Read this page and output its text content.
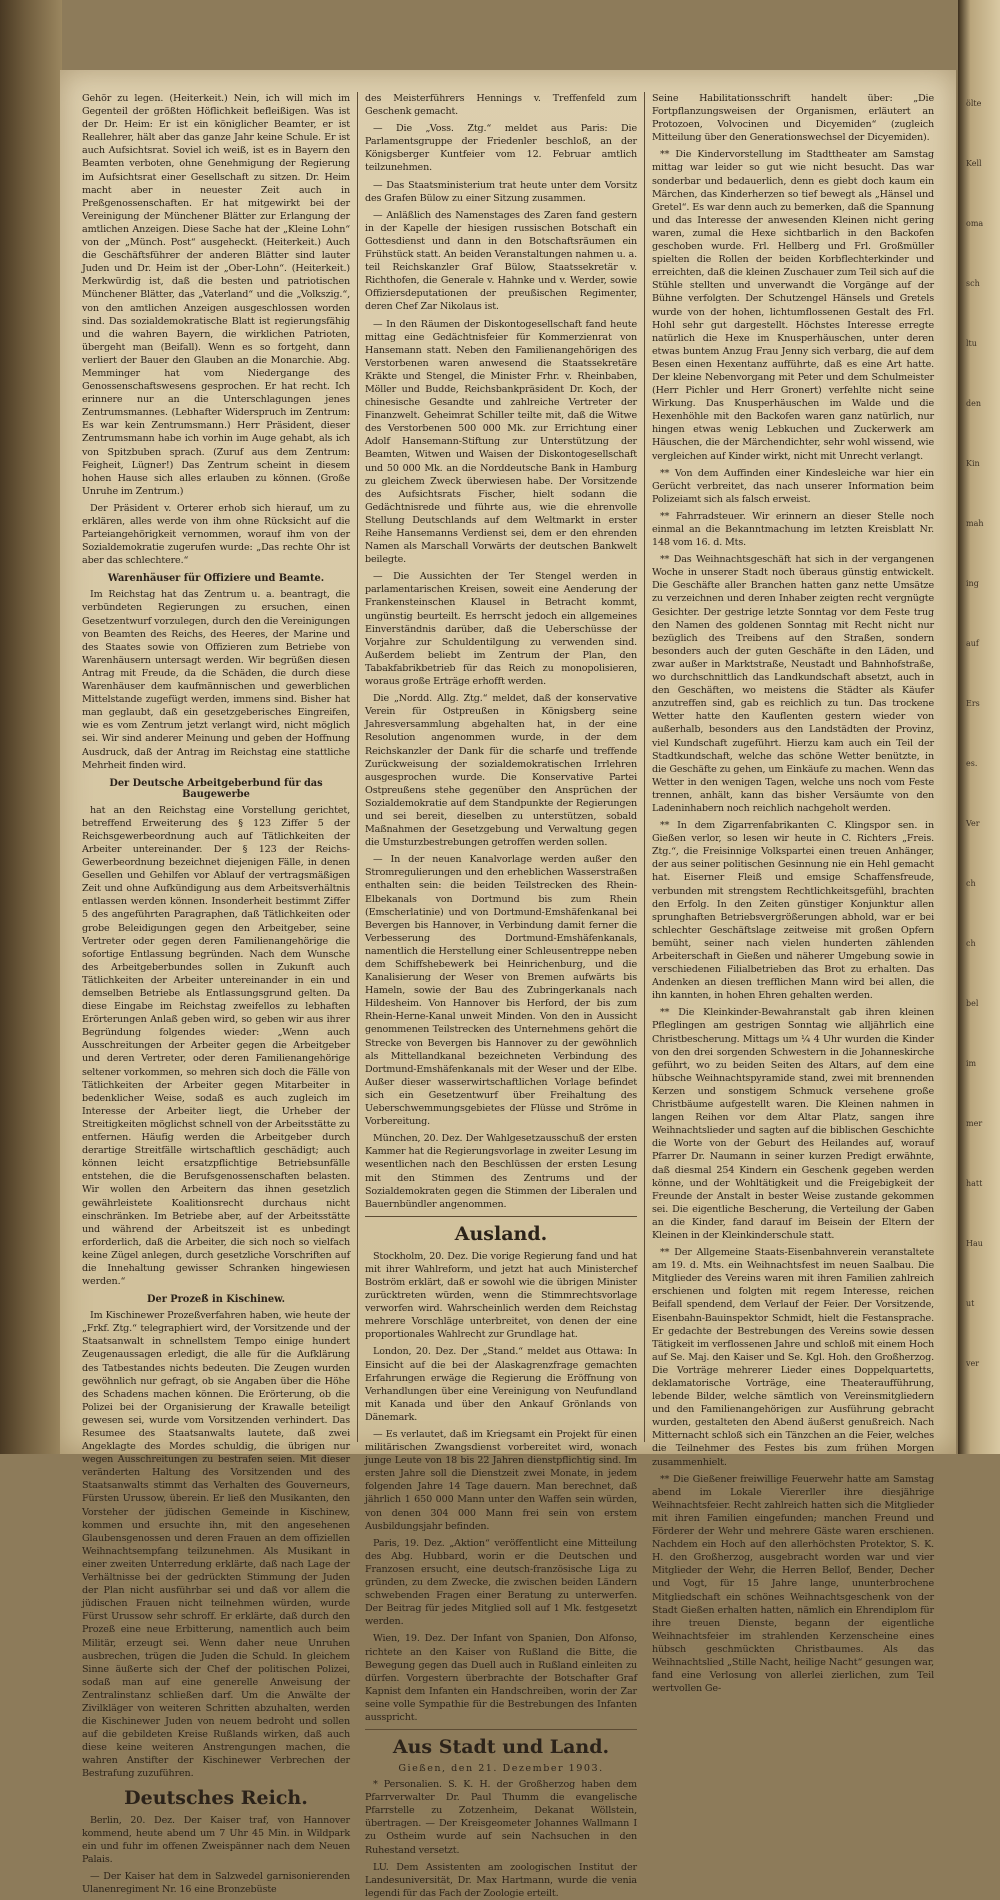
Gehör zu legen. (Heiterkeit.) Nein, ich will mich im Gegenteil der größten Höflichkeit befleißigen. Was ist der Dr. Heim: Er ist ein königlicher Beamter, er ist Reallehrer, hält aber das ganze Jahr keine Schule. Er ist auch Aufsichtsrat. Soviel ich weiß, ist es in Bayern den Beamten verboten, ohne Genehmigung der Regierung im Aufsichtsrat einer Gesellschaft zu sitzen. Dr. Heim macht aber in neuester Zeit auch in Preßgenossenschaften. Er hat mitgewirkt bei der Vereinigung der Münchener Blätter zur Erlangung der amtlichen Anzeigen. Diese Sache hat der „Kleine Lohn“ von der „Münch. Post“ ausgeheckt. (Heiterkeit.) Auch die Geschäftsführer der anderen Blätter sind lauter Juden und Dr. Heim ist der „Ober-Lohn“. (Heiterkeit.) Merkwürdig ist, daß die besten und patriotischen Münchener Blätter, das „Vaterland“ und die „Volkszig.“, von den amtlichen Anzeigen ausgeschlossen worden sind. Das sozialdemokratische Blatt ist regierungsfähig und die wahren Bayern, die wirklichen Patrioten, übergeht man (Beifall). Wenn es so fortgeht, dann verliert der Bauer den Glauben an die Monarchie. Abg. Memminger hat vom Niedergange des Genossenschaftswesens gesprochen. Er hat recht. Ich erinnere nur an die Unterschlagungen jenes Zentrumsmannes. (Lebhafter Widerspruch im Zentrum: Es war kein Zentrumsmann.) Herr Präsident, dieser Zentrumsmann habe ich vorhin im Auge gehabt, als ich von Spitzbuben sprach. (Zuruf aus dem Zentrum: Feigheit, Lügner!) Das Zentrum scheint in diesem hohen Hause sich alles erlauben zu können. (Große Unruhe im Zentrum.)

Der Präsident v. Orterer erhob sich hierauf, um zu erklären, alles werde von ihm ohne Rücksicht auf die Parteiangehörigkeit vernommen, worauf ihm von der Sozialdemokratie zugerufen wurde: „Das rechte Ohr ist aber das schlechtere.“

Warenhäuser für Offiziere und Beamte.

Im Reichstag hat das Zentrum u. a. beantragt, die verbündeten Regierungen zu ersuchen, einen Gesetzentwurf vorzulegen, durch den die Vereinigungen von Beamten des Reichs, des Heeres, der Marine und des Staates sowie von Offizieren zum Betriebe von Warenhäusern untersagt werden. Wir begrüßen diesen Antrag mit Freude, da die Schäden, die durch diese Warenhäuser dem kaufmännischen und gewerblichen Mittelstande zugefügt werden, immens sind. Bisher hat man geglaubt, daß ein gesetzgeberisches Eingreifen, wie es vom Zentrum jetzt verlangt wird, nicht möglich sei. Wir sind anderer Meinung und geben der Hoffnung Ausdruck, daß der Antrag im Reichstag eine stattliche Mehrheit finden wird.

Der Deutsche Arbeitgeberbund für das Baugewerbe

hat an den Reichstag eine Vorstellung gerichtet, betreffend Erweiterung des § 123 Ziffer 5 der Reichsgewerbeordnung auch auf Tätlichkeiten der Arbeiter untereinander. Der § 123 der Reichs-Gewerbeordnung bezeichnet diejenigen Fälle, in denen Gesellen und Gehilfen vor Ablauf der vertragsmäßigen Zeit und ohne Aufkündigung aus dem Arbeitsverhältnis entlassen werden können. Insonderheit bestimmt Ziffer 5 des angeführten Paragraphen, daß Tätlichkeiten oder grobe Beleidigungen gegen den Arbeitgeber, seine Vertreter oder gegen deren Familienangehörige die sofortige Entlassung begründen. Nach dem Wunsche des Arbeitgeberbundes sollen in Zukunft auch Tätlichkeiten der Arbeiter untereinander in ein und demselben Betriebe als Entlassungsgrund gelten. Da diese Eingabe im Reichstag zweifellos zu lebhaften Erörterungen Anlaß geben wird, so geben wir aus ihrer Begründung folgendes wieder: „Wenn auch Ausschreitungen der Arbeiter gegen die Arbeitgeber und deren Vertreter, oder deren Familienangehörige seltener vorkommen, so mehren sich doch die Fälle von Tätlichkeiten der Arbeiter gegen Mitarbeiter in bedenklicher Weise, sodaß es auch zugleich im Interesse der Arbeiter liegt, die Urheber der Streitigkeiten möglichst schnell von der Arbeitsstätte zu entfernen. Häufig werden die Arbeitgeber durch derartige Streitfälle wirtschaftlich geschädigt; auch können leicht ersatzpflichtige Betriebsunfälle entstehen, die die Berufsgenossenschaften belasten. Wir wollen den Arbeitern das ihnen gesetzlich gewährleistete Koalitionsrecht durchaus nicht einschränken. Im Betriebe aber, auf der Arbeitsstätte und während der Arbeitszeit ist es unbedingt erforderlich, daß die Arbeiter, die sich noch so vielfach keine Zügel anlegen, durch gesetzliche Vorschriften auf die Innehaltung gewisser Schranken hingewiesen werden.“

Der Prozeß in Kischinew.

Im Kischinewer Prozeßverfahren haben, wie heute der „Frkf. Ztg.“ telegraphiert wird, der Vorsitzende und der Staatsanwalt in schnellstem Tempo einige hundert Zeugenaussagen erledigt, die alle für die Aufklärung des Tatbestandes nichts bedeuten. Die Zeugen wurden gewöhnlich nur gefragt, ob sie Angaben über die Höhe des Schadens machen können. Die Erörterung, ob die Polizei bei der Organisierung der Krawalle beteiligt gewesen sei, wurde vom Vorsitzenden verhindert. Das Resumee des Staatsanwalts lautete, daß zwei Angeklagte des Mordes schuldig, die übrigen nur wegen Ausschreitungen zu bestrafen seien. Mit dieser veränderten Haltung des Vorsitzenden und des Staatsanwalts stimmt das Verhalten des Gouverneurs, Fürsten Urussow, überein. Er ließ den Musikanten, den Vorsteher der jüdischen Gemeinde in Kischinew, kommen und ersuchte ihn, mit den angesehenen Glaubensgenossen und deren Frauen an dem offiziellen Weihnachtsempfang teilzunehmen. Als Musikant in einer zweiten Unterredung erklärte, daß nach Lage der Verhältnisse bei der gedrückten Stimmung der Juden der Plan nicht ausführbar sei und daß vor allem die jüdischen Frauen nicht teilnehmen würden, wurde Fürst Urussow sehr schroff. Er erklärte, daß durch den Prozeß eine neue Erbitterung, namentlich auch beim Militär, erzeugt sei. Wenn daher neue Unruhen ausbrechen, trügen die Juden die Schuld. In gleichem Sinne äußerte sich der Chef der politischen Polizei, sodaß man auf eine generelle Anweisung der Zentralinstanz schließen darf. Um die Anwälte der Zivilkläger von weiteren Schritten abzuhalten, werden die Kischinewer Juden von neuem bedroht und sollen auf die gebildeten Kreise Rußlands wirken, daß auch diese keine weiteren Anstrengungen machen, die wahren Anstifter der Kischinewer Verbrechen der Bestrafung zuzuführen.

Deutsches Reich.

Berlin, 20. Dez. Der Kaiser traf, von Hannover kommend, heute abend um 7 Uhr 45 Min. in Wildpark ein und fuhr im offenen Zweispänner nach dem Neuen Palais.

— Der Kaiser hat dem in Salzwedel garnisonierenden Ulanenregiment Nr. 16 eine Bronzebüste

des Meisterführers Hennings v. Treffenfeld zum Geschenk gemacht.

— Die „Voss. Ztg.“ meldet aus Paris: Die Parlamentsgruppe der Friedenler beschloß, an der Königsberger Kuntfeier vom 12. Februar amtlich teilzunehmen.

— Das Staatsministerium trat heute unter dem Vorsitz des Grafen Bülow zu einer Sitzung zusammen.

— Anläßlich des Namenstages des Zaren fand gestern in der Kapelle der hiesigen russischen Botschaft ein Gottesdienst und dann in den Botschaftsräumen ein Frühstück statt. An beiden Veranstaltungen nahmen u. a. teil Reichskanzler Graf Bülow, Staatssekretär v. Richthofen, die Generale v. Hahnke und v. Werder, sowie Offiziersdeputationen der preußischen Regimenter, deren Chef Zar Nikolaus ist.

— In den Räumen der Diskontogesellschaft fand heute mittag eine Gedächtnisfeier für Kommerzienrat von Hansemann statt. Neben den Familienangehörigen des Verstorbenen waren anwesend die Staatssekretäre Kräkte und Stengel, die Minister Frhr. v. Rheinbaben, Möller und Budde, Reichsbankpräsident Dr. Koch, der chinesische Gesandte und zahlreiche Vertreter der Finanzwelt. Geheimrat Schiller teilte mit, daß die Witwe des Verstorbenen 500 000 Mk. zur Errichtung einer Adolf Hansemann-Stiftung zur Unterstützung der Beamten, Witwen und Waisen der Diskontogesellschaft und 50 000 Mk. an die Norddeutsche Bank in Hamburg zu gleichem Zweck überwiesen habe. Der Vorsitzende des Aufsichtsrats Fischer, hielt sodann die Gedächtnisrede und führte aus, wie die ehrenvolle Stellung Deutschlands auf dem Weltmarkt in erster Reihe Hansemanns Verdienst sei, dem er den ehrenden Namen als Marschall Vorwärts der deutschen Bankwelt beilegte.

— Die Aussichten der Ter Stengel werden in parlamentarischen Kreisen, soweit eine Aenderung der Frankensteinschen Klausel in Betracht kommt, ungünstig beurteilt. Es herrscht jedoch ein allgemeines Einverständnis darüber, daß die Ueberschüsse der Vorjahre zur Schuldentilgung zu verwenden sind. Außerdem beliebt im Zentrum der Plan, den Tabakfabrikbetrieb für das Reich zu monopolisieren, woraus große Erträge erhofft werden.

Die „Nordd. Allg. Ztg.“ meldet, daß der konservative Verein für Ostpreußen in Königsberg seine Jahresversammlung abgehalten hat, in der eine Resolution angenommen wurde, in der dem Reichskanzler der Dank für die scharfe und treffende Zurückweisung der sozialdemokratischen Irrlehren ausgesprochen wurde. Die Konservative Partei Ostpreußens stehe gegenüber den Ansprüchen der Sozialdemokratie auf dem Standpunkte der Regierungen und sei bereit, dieselben zu unterstützen, sobald Maßnahmen der Gesetzgebung und Verwaltung gegen die Umsturzbestrebungen getroffen werden sollen.

— In der neuen Kanalvorlage werden außer den Stromregulierungen und den erheblichen Wasserstraßen enthalten sein: die beiden Teilstrecken des Rhein-Elbekanals von Dortmund bis zum Rhein (Emscherlatinie) und von Dortmund-Emshäfenkanal bei Bevergen bis Hannover, in Verbindung damit ferner die Verbesserung des Dortmund-Emshäfenkanals, namentlich die Herstellung einer Schleusentreppe neben dem Schiffshebewerk bei Heinrichenburg, und die Kanalisierung der Weser von Bremen aufwärts bis Hameln, sowie der Bau des Zubringerkanals nach Hildesheim. Von Hannover bis Herford, der bis zum Rhein-Herne-Kanal unweit Minden. Von den in Aussicht genommenen Teilstrecken des Unternehmens gehört die Strecke von Bevergen bis Hannover zu der gewöhnlich als Mittellandkanal bezeichneten Verbindung des Dortmund-Emshäfenkanals mit der Weser und der Elbe. Außer dieser wasserwirtschaftlichen Vorlage befindet sich ein Gesetzentwurf über Freihaltung des Ueberschwemmungsgebietes der Flüsse und Ströme in Vorbereitung.

München, 20. Dez. Der Wahlgesetzausschuß der ersten Kammer hat die Regierungsvorlage in zweiter Lesung im wesentlichen nach den Beschlüssen der ersten Lesung mit den Stimmen des Zentrums und der Sozialdemokraten gegen die Stimmen der Liberalen und Bauernbündler angenommen.

Ausland.

Stockholm, 20. Dez. Die vorige Regierung fand und hat mit ihrer Wahlreform, und jetzt hat auch Ministerchef Boström erklärt, daß er sowohl wie die übrigen Minister zurücktreten würden, wenn die Stimmrechtsvorlage verworfen wird. Wahrscheinlich werden dem Reichstag mehrere Vorschläge unterbreitet, von denen der eine proportionales Wahlrecht zur Grundlage hat.

London, 20. Dez. Der „Stand.“ meldet aus Ottawa: In Einsicht auf die bei der Alaskagrenzfrage gemachten Erfahrungen erwäge die Regierung die Eröffnung von Verhandlungen über eine Vereinigung von Neufundland mit Kanada und über den Ankauf Grönlands von Dänemark.

— Es verlautet, daß im Kriegsamt ein Projekt für einen militärischen Zwangsdienst vorbereitet wird, wonach junge Leute von 18 bis 22 Jahren dienstpflichtig sind. Im ersten Jahre soll die Dienstzeit zwei Monate, in jedem folgenden Jahre 14 Tage dauern. Man berechnet, daß jährlich 1 650 000 Mann unter den Waffen sein würden, von denen 304 000 Mann frei sein von erstem Ausbildungsjahr befinden.

Paris, 19. Dez. „Aktion“ veröffentlicht eine Mitteilung des Abg. Hubbard, worin er die Deutschen und Franzosen ersucht, eine deutsch-französische Liga zu gründen, zu dem Zwecke, die zwischen beiden Ländern schwebenden Fragen einer Beratung zu unterwerfen. Der Beitrag für jedes Mitglied soll auf 1 Mk. festgesetzt werden.

Wien, 19. Dez. Der Infant von Spanien, Don Alfonso, richtete an den Kaiser von Rußland die Bitte, die Bewegung gegen das Duell auch in Rußland einleiten zu dürfen. Vorgestern überbrachte der Botschafter Graf Kapnist dem Infanten ein Handschreiben, worin der Zar seine volle Sympathie für die Bestrebungen des Infanten ausspricht.

Aus Stadt und Land.
Gießen, den 21. Dezember 1903.

* Personalien. S. K. H. der Großherzog haben dem Pfarrverwalter Dr. Paul Thumm die evangelische Pfarrstelle zu Zotzenheim, Dekanat Wöllstein, übertragen. — Der Kreisgeometer Johannes Wallmann I zu Ostheim wurde auf sein Nachsuchen in den Ruhestand versetzt.

LU. Dem Assistenten am zoologischen Institut der Landesuniversität, Dr. Max Hartmann, wurde die venia legendi für das Fach der Zoologie erteilt.

Seine Habilitationsschrift handelt über: „Die Fortpflanzungsweisen der Organismen, erläutert an Protozoen, Volvocinen und Dicyemiden“ (zugleich Mitteilung über den Generationswechsel der Dicyemiden).

** Die Kindervorstellung im Stadttheater am Samstag mittag war leider so gut wie nicht besucht. Das war sonderbar und bedauerlich, denn es giebt doch kaum ein Märchen, das Kinderherzen so tief bewegt als „Hänsel und Gretel“. Es war denn auch zu bemerken, daß die Spannung und das Interesse der anwesenden Kleinen nicht gering waren, zumal die Hexe sichtbarlich in den Backofen geschoben wurde. Frl. Hellberg und Frl. Großmüller spielten die Rollen der beiden Korbflechterkinder und erreichten, daß die kleinen Zuschauer zum Teil sich auf die Stühle stellten und unverwandt die Vorgänge auf der Bühne verfolgten. Der Schutzengel Hänsels und Gretels wurde von der hohen, lichtumflossenen Gestalt des Frl. Hohl sehr gut dargestellt. Höchstes Interesse erregte natürlich die Hexe im Knusperhäuschen, unter deren etwas buntem Anzug Frau Jenny sich verbarg, die auf dem Besen einen Hexentanz aufführte, daß es eine Art hatte. Der kleine Nebenvorgang mit Peter und dem Schulmeister (Herr Pichler und Herr Gronert) verfehlte nicht seine Wirkung. Das Knusperhäuschen im Walde und die Hexenhöhle mit den Backofen waren ganz natürlich, nur hingen etwas wenig Lebkuchen und Zuckerwerk am Häuschen, die der Märchendichter, sehr wohl wissend, wie vergleichen auf Kinder wirkt, nicht mit Unrecht verlangt.

** Von dem Auffinden einer Kindesleiche war hier ein Gerücht verbreitet, das nach unserer Information beim Polizeiamt sich als falsch erweist.

** Fahrradsteuer. Wir erinnern an dieser Stelle noch einmal an die Bekanntmachung im letzten Kreisblatt Nr. 148 vom 16. d. Mts.

** Das Weihnachtsgeschäft hat sich in der vergangenen Woche in unserer Stadt noch überaus günstig entwickelt. Die Geschäfte aller Branchen hatten ganz nette Umsätze zu verzeichnen und deren Inhaber zeigten recht vergnügte Gesichter. Der gestrige letzte Sonntag vor dem Feste trug den Namen des goldenen Sonntag mit Recht nicht nur bezüglich des Treibens auf den Straßen, sondern besonders auch der guten Geschäfte in den Läden, und zwar außer in Marktstraße, Neustadt und Bahnhofstraße, wo durchschnittlich das Landkundschaft absetzt, auch in den Geschäften, wo meistens die Städter als Käufer anzutreffen sind, gab es reichlich zu tun. Das trockene Wetter hatte den Kauflenten gestern wieder von außerhalb, besonders aus den Landstädten der Provinz, viel Kundschaft zugeführt. Hierzu kam auch ein Teil der Stadtkundschaft, welche das schöne Wetter benützte, in die Geschäfte zu gehen, um Einkäufe zu machen. Wenn das Wetter in den wenigen Tagen, welche uns noch vom Feste trennen, anhält, kann das bisher Versäumte von den Ladeninhabern noch reichlich nachgeholt werden.

** In dem Zigarrenfabrikanten C. Klingspor sen. in Gießen verlor, so lesen wir heute in C. Richters „Freis. Ztg.“, die Freisinnige Volkspartei einen treuen Anhänger, der aus seiner politischen Gesinnung nie ein Hehl gemacht hat. Eiserner Fleiß und emsige Schaffensfreude, verbunden mit strengstem Rechtlichkeitsgefühl, brachten den Erfolg. In den Zeiten günstiger Konjunktur allen sprunghaften Betriebsvergrößerungen abhold, war er bei schlechter Geschäftslage zeitweise mit großen Opfern bemüht, seiner nach vielen hunderten zählenden Arbeiterschaft in Gießen und näherer Umgebung sowie in verschiedenen Filialbetrieben das Brot zu erhalten. Das Andenken an diesen trefflichen Mann wird bei allen, die ihn kannten, in hohen Ehren gehalten werden.

** Die Kleinkinder-Bewahranstalt gab ihren kleinen Pfleglingen am gestrigen Sonntag wie alljährlich eine Christbescherung. Mittags um ¼ 4 Uhr wurden die Kinder von den drei sorgenden Schwestern in die Johanneskirche geführt, wo zu beiden Seiten des Altars, auf dem eine hübsche Weihnachtspyramide stand, zwei mit brennenden Kerzen und sonstigem Schmuck versehene große Christbäume aufgestellt waren. Die Kleinen nahmen in langen Reihen vor dem Altar Platz, sangen ihre Weihnachtslieder und sagten auf die biblischen Geschichte die Worte von der Geburt des Heilandes auf, worauf Pfarrer Dr. Naumann in seiner kurzen Predigt erwähnte, daß diesmal 254 Kindern ein Geschenk gegeben werden könne, und der Wohltätigkeit und die Freigebigkeit der Freunde der Anstalt in bester Weise zustande gekommen sei. Die eigentliche Bescherung, die Verteilung der Gaben an die Kinder, fand darauf im Beisein der Eltern der Kleinen in der Kleinkinderschule statt.

** Der Allgemeine Staats-Eisenbahnverein veranstaltete am 19. d. Mts. ein Weihnachtsfest im neuen Saalbau. Die Mitglieder des Vereins waren mit ihren Familien zahlreich erschienen und folgten mit regem Interesse, reichen Beifall spendend, dem Verlauf der Feier. Der Vorsitzende, Eisenbahn-Bauinspektor Schmidt, hielt die Festansprache. Er gedachte der Bestrebungen des Vereins sowie dessen Tätigkeit im verflossenen Jahre und schloß mit einem Hoch auf Se. Maj. den Kaiser und Se. Kgl. Hoh. den Großherzog. Die Vorträge mehrerer Lieder eines Doppelquartetts, deklamatorische Vorträge, eine Theateraufführung, lebende Bilder, welche sämtlich von Vereinsmitgliedern und den Familienangehörigen zur Ausführung gebracht wurden, gestalteten den Abend äußerst genußreich. Nach Mitternacht schloß sich ein Tänzchen an die Feier, welches die Teilnehmer des Festes bis zum frühen Morgen zusammenhielt.

** Die Gießener freiwillige Feuerwehr hatte am Samstag abend im Lokale Viererller ihre diesjährige Weihnachtsfeier. Recht zahlreich hatten sich die Mitglieder mit ihren Familien eingefunden; manchen Freund und Förderer der Wehr und mehrere Gäste waren erschienen. Nachdem ein Hoch auf den allerhöchsten Protektor, S. K. H. den Großherzog, ausgebracht worden war und vier Mitglieder der Wehr, die Herren Bellof, Bender, Decher und Vogt, für 15 Jahre lange, ununterbrochene Mitgliedschaft ein schönes Weihnachtsgeschenk von der Stadt Gießen erhalten hatten, nämlich ein Ehrendiplom für ihre treuen Dienste, begann der eigentliche Weihnachtsfeier im strahlenden Kerzenscheine eines hübsch geschmückten Christbaumes. Als das Weihnachtslied „Stille Nacht, heilige Nacht“ gesungen war, fand eine Verlosung von allerlei zierlichen, zum Teil wertvollen Ge-

ölte
Kell
oma
sch
ltu
den
Kin
mah
ing
auf
Ers
es.
Ver
ch
ch
bel
im
mer
hatt
Hau
ut
ver
